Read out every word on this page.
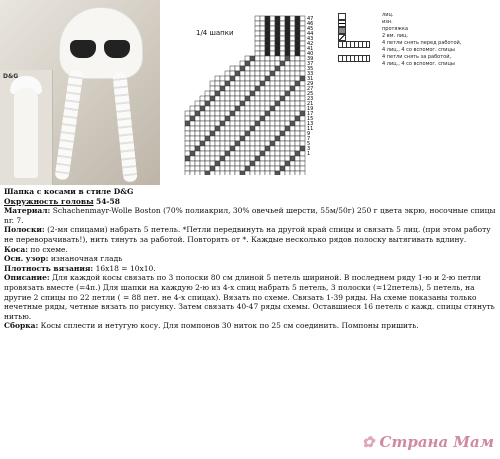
D&G
1/4 шапки
47
46
45
44
43
42
41
40
39
37
35
33
31
29
27
25
23
21
19
17
15
13
11
9
7
5
3
1
лиц.
изн.
протяжка
2 вм. лиц.
4 петли снять перед работой,
4 лиц., 4 со вспомог. спицы
4 петли снять за работой,
4 лиц., 4 со вспомог. спицы

Шапка с косами в стиле D&G

Окружность головы 54-58

Материал: Schachenmayr-Wolle Boston (70% полиакрил, 30% овечьей шерсти, 55м/50г) 250 г цвета экрю, носочные спицы nr. 7.

Полоски: (2-мя спицами) набрать 5 петель. *Петли передвинуть на другой край спицы и связать 5 лиц. (при этом работу не переворачивать!), нить тянуть за работой. Повторять от *. Каждые несколько рядов полоску вытягивать вдлину.

Коса: по схеме.

Осн. узор: изнаночная гладь

Плотность вязания: 16x18 = 10x10.

Описание: Для каждой косы связать по 3 полоски 80 см длиной 5 петель шириной. В последнем ряду 1-ю и 2-ю петли провязать вместе (=4п.) Для шапки на каждую 2-ю из 4-х спиц набрать 5 петель, 3 полоски (=12петель), 5 петель, на другие 2 спицы по 22 петли ( = 88 пет. не 4-х спицах). Вязать по схеме. Связать 1-39 ряды. На схеме показаны только нечетные ряды, четные вязать по рисунку. Затем связать 40-47 ряды схемы. Оставшиеся 16 петель с кажд. спицы стянуть нитью.

Сборка: Косы сплести и нетугую косу. Для помпонов 30 ниток по 25 см соединить. Помпоны пришить.

✿ Страна Мам
